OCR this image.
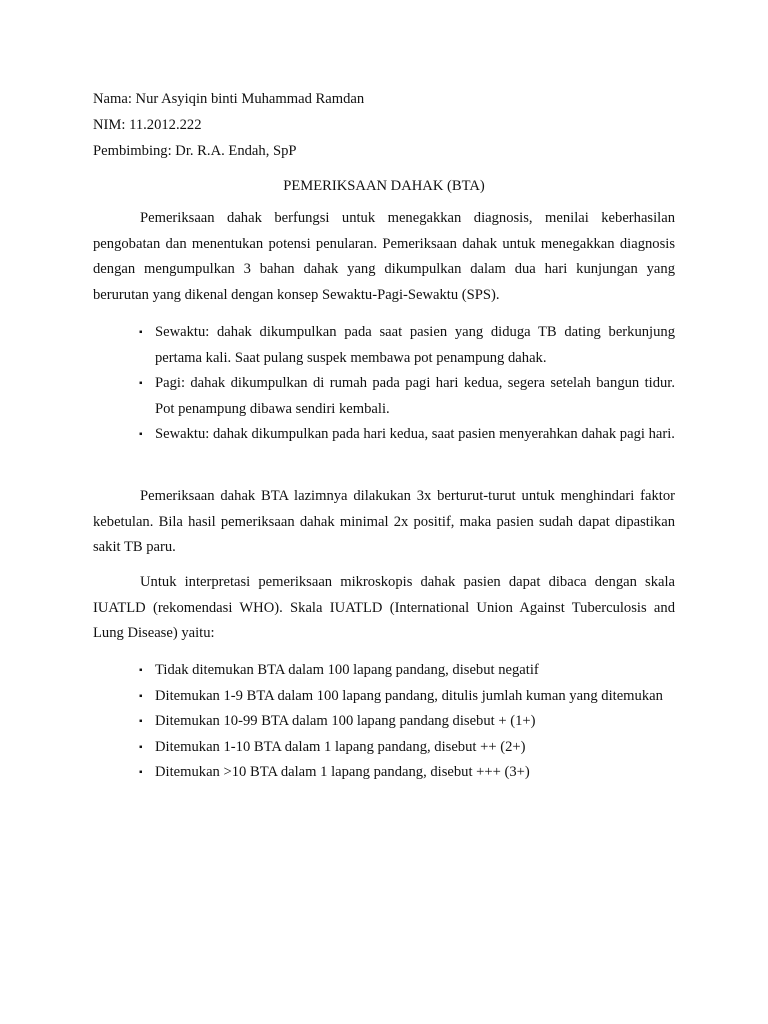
Nama: Nur Asyiqin binti Muhammad Ramdan
NIM: 11.2012.222
Pembimbing: Dr. R.A. Endah, SpP
PEMERIKSAAN DAHAK (BTA)
Pemeriksaan dahak berfungsi untuk menegakkan diagnosis, menilai keberhasilan pengobatan dan menentukan potensi penularan. Pemeriksaan dahak untuk menegakkan diagnosis dengan mengumpulkan 3 bahan dahak yang dikumpulkan dalam dua hari kunjungan yang berurutan yang dikenal dengan konsep Sewaktu-Pagi-Sewaktu (SPS).
▪ Sewaktu: dahak dikumpulkan pada saat pasien yang diduga TB dating berkunjung pertama kali. Saat pulang suspek membawa pot penampung dahak.
▪ Pagi: dahak dikumpulkan di rumah pada pagi hari kedua, segera setelah bangun tidur. Pot penampung dibawa sendiri kembali.
▪ Sewaktu: dahak dikumpulkan pada hari kedua, saat pasien menyerahkan dahak pagi hari.
Pemeriksaan dahak BTA lazimnya dilakukan 3x berturut-turut untuk menghindari faktor kebetulan. Bila hasil pemeriksaan dahak minimal 2x positif, maka pasien sudah dapat dipastikan sakit TB paru.
Untuk interpretasi pemeriksaan mikroskopis dahak pasien dapat dibaca dengan skala IUATLD (rekomendasi WHO). Skala IUATLD (International Union Against Tuberculosis and Lung Disease) yaitu:
▪ Tidak ditemukan BTA dalam 100 lapang pandang, disebut negatif
▪ Ditemukan 1-9 BTA dalam 100 lapang pandang, ditulis jumlah kuman yang ditemukan
▪ Ditemukan 10-99 BTA dalam 100 lapang pandang disebut + (1+)
▪ Ditemukan 1-10 BTA dalam 1 lapang pandang, disebut ++ (2+)
▪ Ditemukan >10 BTA dalam 1 lapang pandang, disebut +++ (3+)
